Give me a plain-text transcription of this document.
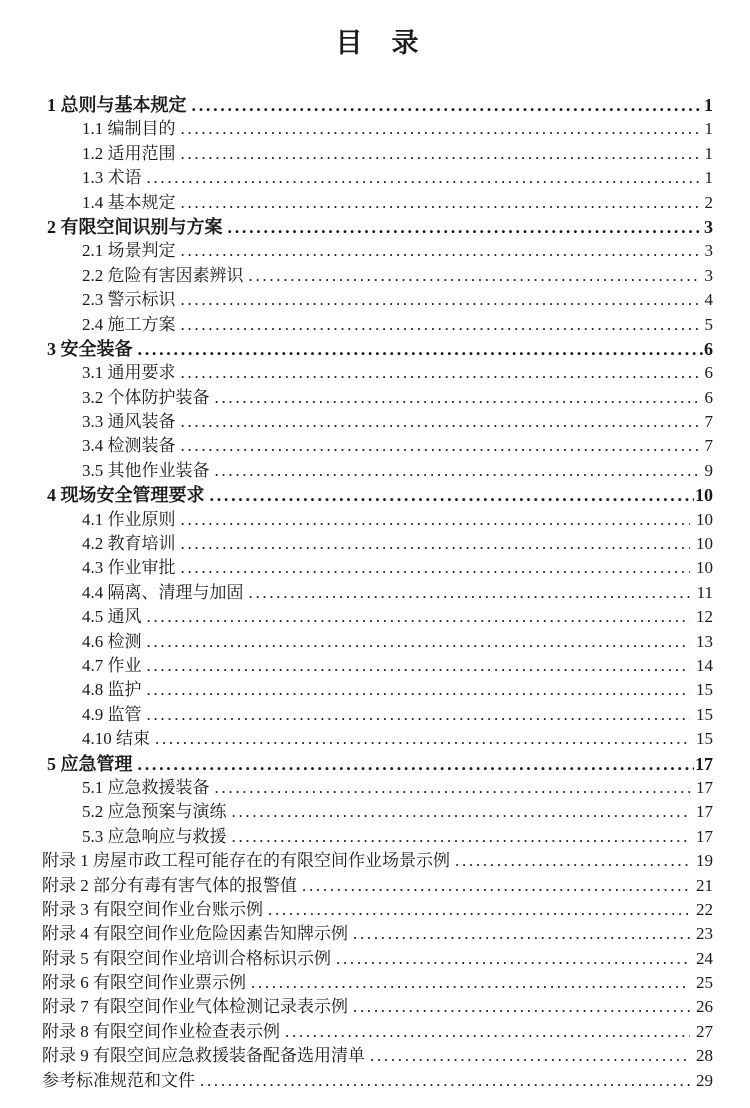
目　录
1 总则与基本规定 .....	1
1.1 编制目的 .....	1
1.2 适用范围 .....	1
1.3 术语 .....	1
1.4 基本规定 .....	2
2 有限空间识别与方案 .....	3
2.1 场景判定 .....	3
2.2 危险有害因素辨识 .....	3
2.3 警示标识 .....	4
2.4 施工方案 .....	5
3 安全装备 .....	6
3.1 通用要求 .....	6
3.2 个体防护装备 .....	6
3.3 通风装备 .....	7
3.4 检测装备 .....	7
3.5 其他作业装备 .....	9
4 现场安全管理要求 .....	10
4.1 作业原则 .....	10
4.2 教育培训 .....	10
4.3 作业审批 .....	10
4.4 隔离、清理与加固 .....	11
4.5 通风 .....	12
4.6 检测 .....	13
4.7 作业 .....	14
4.8 监护 .....	15
4.9 监管 .....	15
4.10 结束 .....	15
5 应急管理 .....	17
5.1 应急救援装备 .....	17
5.2 应急预案与演练 .....	17
5.3 应急响应与救援 .....	17
附录 1 房屋市政工程可能存在的有限空间作业场景示例 .....	19
附录 2 部分有毒有害气体的报警值 .....	21
附录 3 有限空间作业台账示例 .....	22
附录 4 有限空间作业危险因素告知牌示例 .....	23
附录 5 有限空间作业培训合格标识示例 .....	24
附录 6 有限空间作业票示例 .....	25
附录 7 有限空间作业气体检测记录表示例 .....	26
附录 8 有限空间作业检查表示例 .....	27
附录 9 有限空间应急救援装备配备选用清单 .....	28
参考标准规范和文件 .....	29
